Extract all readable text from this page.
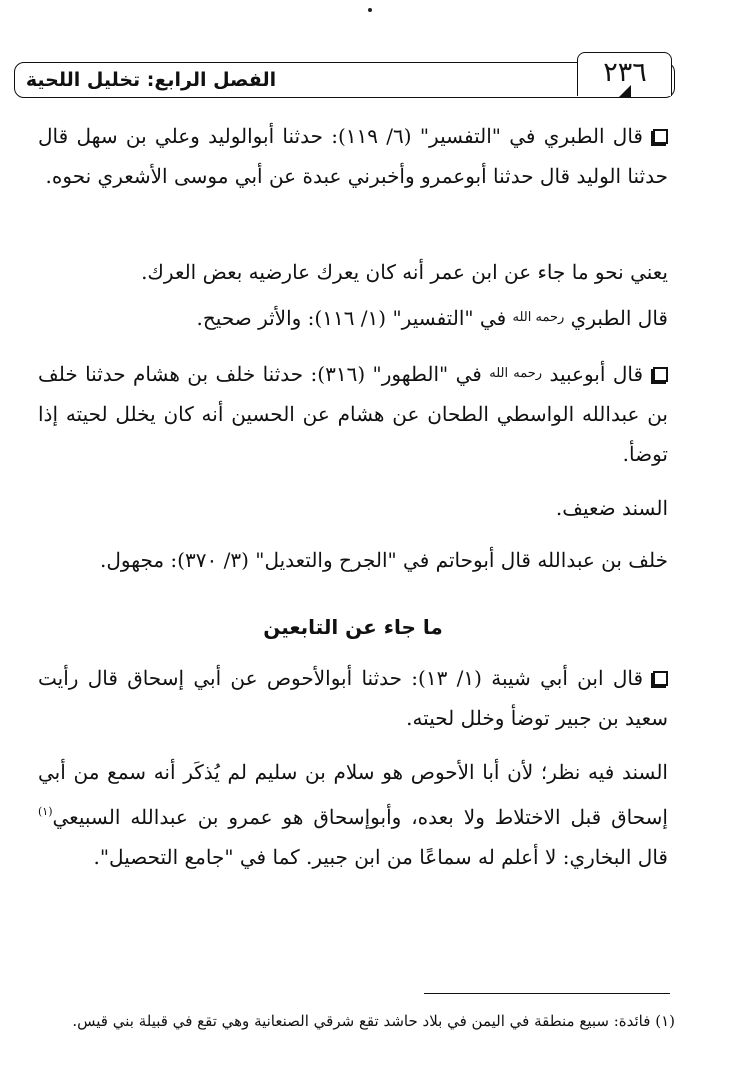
الفصل الرابع: تخليل اللحية	٢٣٦

قال الطبري في "التفسير" (٦/ ١١٩): حدثنا أبوالوليد وعلي بن سهل قال حدثنا الوليد قال حدثنا أبوعمرو وأخبرني عبدة عن أبي موسى الأشعري نحوه.

يعني نحو ما جاء عن ابن عمر أنه كان يعرك عارضيه بعض العرك.

قال الطبري $^{رحمه الله}$ في "التفسير" (١/ ١١٦): والأثر صحيح.

قال أبوعبيد $^{رحمه الله}$ في "الطهور" (٣١٦): حدثنا خلف بن هشام حدثنا خلف بن عبدالله الواسطي الطحان عن هشام عن الحسين أنه كان يخلل لحيته إذا توضأ.

السند ضعيف.

خلف بن عبدالله قال أبوحاتم في "الجرح والتعديل" (٣/ ٣٧٠): مجهول.

ما جاء عن التابعين

قال ابن أبي شيبة (١/ ١٣): حدثنا أبوالأحوص عن أبي إسحاق قال رأيت سعيد بن جبير توضأ وخلل لحيته.

السند فيه نظر؛ لأن أبا الأحوص هو سلام بن سليم لم يُذكَر أنه سمع من أبي إسحاق قبل الاختلاط ولا بعده، وأبوإسحاق هو عمرو بن عبدالله السبيعي$^{(١)}$ قال البخاري: لا أعلم له سماعًا من ابن جبير. كما في "جامع التحصيل".

(١) فائدة: سبيع منطقة في اليمن في بلاد حاشد تقع شرقي الصنعانية وهي تقع في قبيلة بني قيس.
